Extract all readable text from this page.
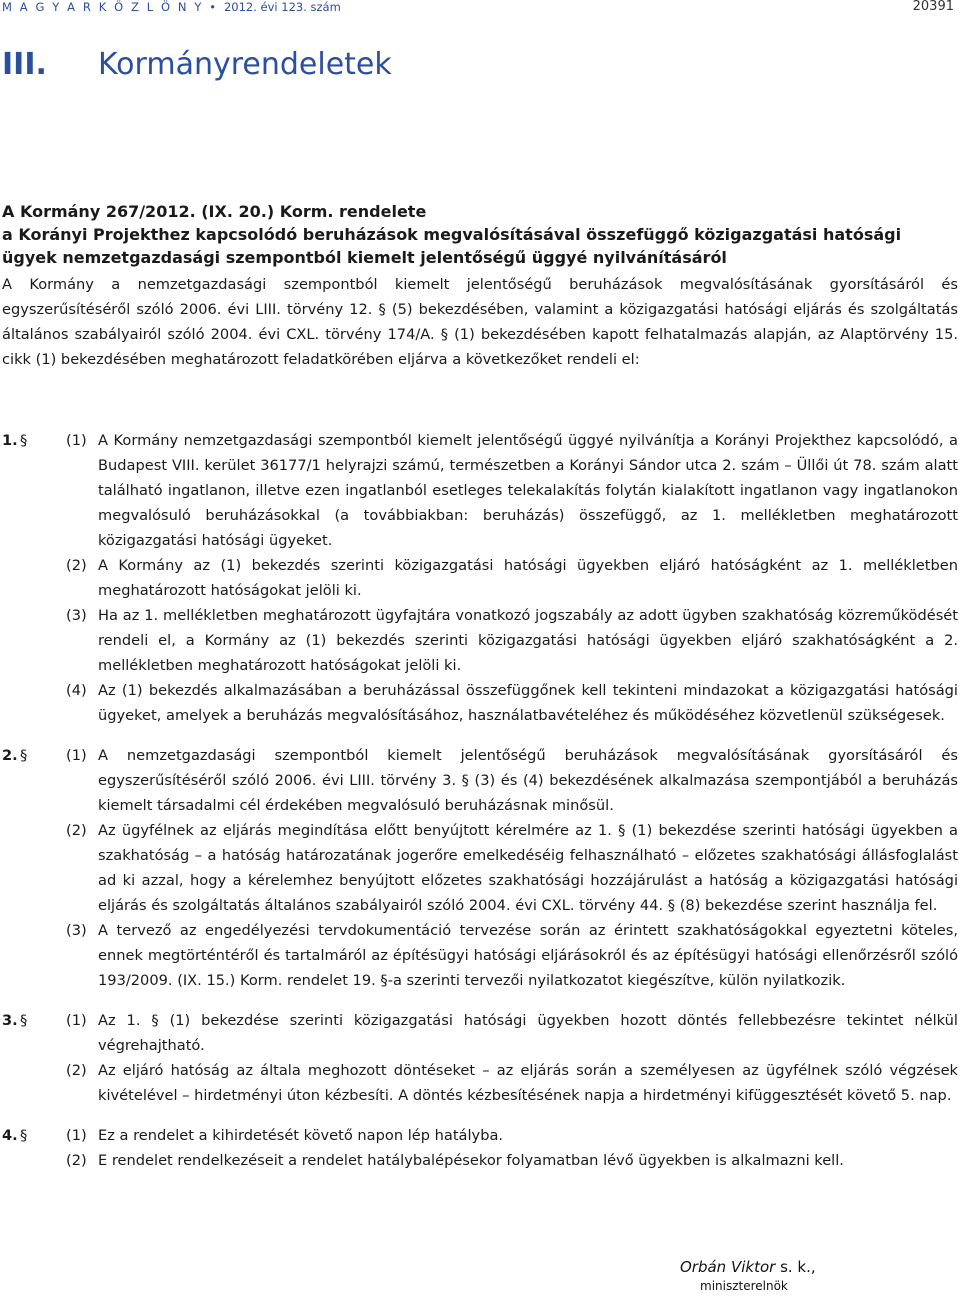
M A G Y A R K Ö Z L Ö N Y • 2012. évi 123. szám	20391
III. Kormányrendeletek
A Kormány 267/2012. (IX. 20.) Korm. rendelete
a Korányi Projekthez kapcsolódó beruházások megvalósításával összefüggő közigazgatási hatósági
ügyek nemzetgazdasági szempontból kiemelt jelentőségű üggyé nyilvánításáról
A Kormány a nemzetgazdasági szempontból kiemelt jelentőségű beruházások megvalósításának gyorsításáról és egyszerűsítéséről szóló 2006. évi LIII. törvény 12. § (5) bekezdésében, valamint a közigazgatási hatósági eljárás és szolgáltatás általános szabályairól szóló 2004. évi CXL. törvény 174/A. § (1) bekezdésében kapott felhatalmazás alapján, az Alaptörvény 15. cikk (1) bekezdésében meghatározott feladatkörében eljárva a következőket rendeli el:
1. §	(1) A Kormány nemzetgazdasági szempontból kiemelt jelentőségű üggyé nyilvánítja a Korányi Projekthez kapcsolódó, a Budapest VIII. kerület 36177/1 helyrajzi számú, természetben a Korányi Sándor utca 2. szám – Üllői út 78. szám alatt található ingatlanon, illetve ezen ingatlanból esetleges telekalakítás folytán kialakított ingatlanon vagy ingatlanokon megvalósuló beruházásokkal (a továbbiakban: beruházás) összefüggő, az 1. mellékletben meghatározott közigazgatási hatósági ügyeket.
(2) A Kormány az (1) bekezdés szerinti közigazgatási hatósági ügyekben eljáró hatóságként az 1. mellékletben meghatározott hatóságokat jelöli ki.
(3) Ha az 1. mellékletben meghatározott ügyfajtára vonatkozó jogszabály az adott ügyben szakhatóság közreműködését rendeli el, a Kormány az (1) bekezdés szerinti közigazgatási hatósági ügyekben eljáró szakhatóságként a 2. mellékletben meghatározott hatóságokat jelöli ki.
(4) Az (1) bekezdés alkalmazásában a beruházással összefüggőnek kell tekinteni mindazokat a közigazgatási hatósági ügyeket, amelyek a beruházás megvalósításához, használatbavételéhez és működéséhez közvetlenül szükségesek.
2. §	(1) A nemzetgazdasági szempontból kiemelt jelentőségű beruházások megvalósításának gyorsításáról és egyszerűsítéséről szóló 2006. évi LIII. törvény 3. § (3) és (4) bekezdésének alkalmazása szempontjából a beruházás kiemelt társadalmi cél érdekében megvalósuló beruházásnak minősül.
(2) Az ügyfélnek az eljárás megindítása előtt benyújtott kérelmére az 1. § (1) bekezdése szerinti hatósági ügyekben a szakhatóság – a hatóság határozatának jogerőre emelkedéséig felhasználható – előzetes szakhatósági állásfoglalást ad ki azzal, hogy a kérelemhez benyújtott előzetes szakhatósági hozzájárulást a hatóság a közigazgatási hatósági eljárás és szolgáltatás általános szabályairól szóló 2004. évi CXL. törvény 44. § (8) bekezdése szerint használja fel.
(3) A tervező az engedélyezési tervdokumentáció tervezése során az érintett szakhatóságokkal egyeztetni köteles, ennek megtörténtéről és tartalmáról az építésügyi hatósági eljárásokról és az építésügyi hatósági ellenőrzésről szóló 193/2009. (IX. 15.) Korm. rendelet 19. §-a szerinti tervezői nyilatkozatot kiegészítve, külön nyilatkozik.
3. §	(1) Az 1. § (1) bekezdése szerinti közigazgatási hatósági ügyekben hozott döntés fellebbezésre tekintet nélkül végrehajtható.
(2) Az eljáró hatóság az általa meghozott döntéseket – az eljárás során a személyesen az ügyfélnek szóló végzések kivételével – hirdetményi úton kézbesíti. A döntés kézbesítésének napja a hirdetményi kifüggesztését követő 5. nap.
4. §	(1) Ez a rendelet a kihirdetését követő napon lép hatályba.
(2) E rendelet rendelkezéseit a rendelet hatálybalépésekor folyamatban lévő ügyekben is alkalmazni kell.
Orbán Viktor s. k.,
miniszterelnök
